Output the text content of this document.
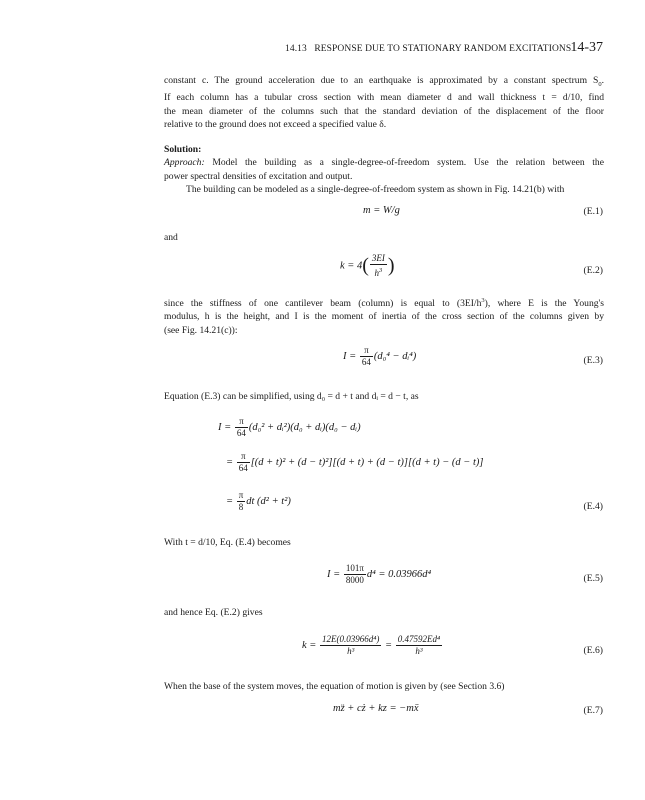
14.13 RESPONSE DUE TO STATIONARY RANDOM EXCITATIONS 14-37

constant c. The ground acceleration due to an earthquake is approximated by a constant spectrum $S_0$.
If each column has a tubular cross section with mean diameter d and wall thickness t = d/10, find
the mean diameter of the columns such that the standard deviation of the displacement of the floor
relative to the ground does not exceed a specified value δ.

Solution:
Approach: Model the building as a single-degree-of-freedom system. Use the relation between the
power spectral densities of excitation and output.
The building can be modeled as a single-degree-of-freedom system as shown in Fig. 14.21(b) with

m = W/g	(E.1)
and
$k = 4( \frac{3EI}{h^3}$ )	(E.2)

since the stiffness of one cantilever beam (column) is equal to $(3EI/h^3)$, where E is the Young's
modulus, h is the height, and I is the moment of inertia of the cross section of the columns given by
(see Fig. 14.21(c)):

$I = \frac{\pi}{64} (d_0^4$ − dᵢ⁴)	(E.3)
Equation (E.3) can be simplified, using d₀ = d + t and dᵢ = d − t, as
$I = \frac{\pi}{64} (d_0^2$ + dᵢ²)(d₀ + dᵢ)(d₀ − dᵢ)
= $\frac{\pi}{64} [(d + t)^2 + (d - t)^2][(d + t) + (d - t)][(d + t) - (d - t)]$
= $\frac{\pi}{8}$ dt (d² + t²)	(E.4)
With t = d/10, Eq. (E.4) becomes
$I = \frac{101\pi}{8000} d^4 = 0.03966d^4$	(E.5)
and hence Eq. (E.2) gives
$k = \frac{\text{12E(0.03966d⁴)}}{\text{h³}} = \frac{\text{0.47592Ed⁴}}{\text{h³}}$	(E.6)
When the base of the system moves, the equation of motion is given by (see Section 3.6)
mz̈ + cż + kz = −mẍ	(E.7)
